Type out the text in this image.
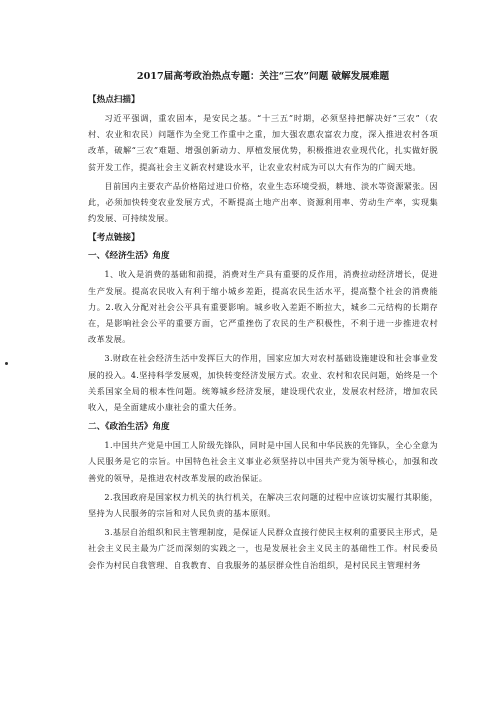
2017届高考政治热点专题：关注“三农”问题 破解发展难题
【热点扫描】

习近平强调，重农固本，是安民之基。“十三五”时期，必须坚持把解决好“三农”（农村、农业和农民）问题作为全党工作重中之重，加大强农惠农富农力度，深入推进农村各项改革，破解“三农”难题、增强创新动力、厚植发展优势，积极推进农业现代化，扎实做好脱贫开发工作，提高社会主义新农村建设水平，让农业农村成为可以大有作为的广阔天地。

目前国内主要农产品价格陷过进口价格，农业生态环境受损，耕地、淡水等资源紧张。因此，必须加快转变农业发展方式，不断提高土地产出率、资源利用率、劳动生产率，实现集约发展、可持续发展。

【考点链接】
一、《经济生活》角度

1、收入是消费的基础和前提，消费对生产具有重要的反作用，消费拉动经济增长，促进生产发展。提高农民收入有利于缩小城乡差距，提高农民生活水平，提高整个社会的消费能力。2.收入分配对社会公平具有重要影响。城乡收入差距不断拉大，城乡二元结构的长期存在，是影响社会公平的重要方面，它严重挫伤了农民的生产积极性，不利于进一步推进农村改革发展。

3.财政在社会经济生活中发挥巨大的作用，国家应加大对农村基础设施建设和社会事业发展的投入。4.坚持科学发展观，加快转变经济发展方式。农业、农村和农民问题，始终是一个关系国家全局的根本性问题。统筹城乡经济发展，建设现代农业，发展农村经济，增加农民收入，是全面建成小康社会的重大任务。

二、《政治生活》角度

1.中国共产党是中国工人阶级先锋队，同时是中国人民和中华民族的先锋队，全心全意为人民服务是它的宗旨。中国特色社会主义事业必须坚持以中国共产党为领导核心，加强和改善党的领导，是推进农村改革发展的政治保证。

2.我国政府是国家权力机关的执行机关，在解决三农问题的过程中应该切实履行其职能，坚持为人民服务的宗旨和对人民负责的基本原则。

3.基层自治组织和民主管理制度，是保证人民群众直接行使民主权利的重要民主形式，是社会主义民主最为广泛而深刻的实践之一，也是发展社会主义民主的基础性工作。村民委员会作为村民自我管理、自我教育、自我服务的基层群众性自治组织，是村民民主管理村务
